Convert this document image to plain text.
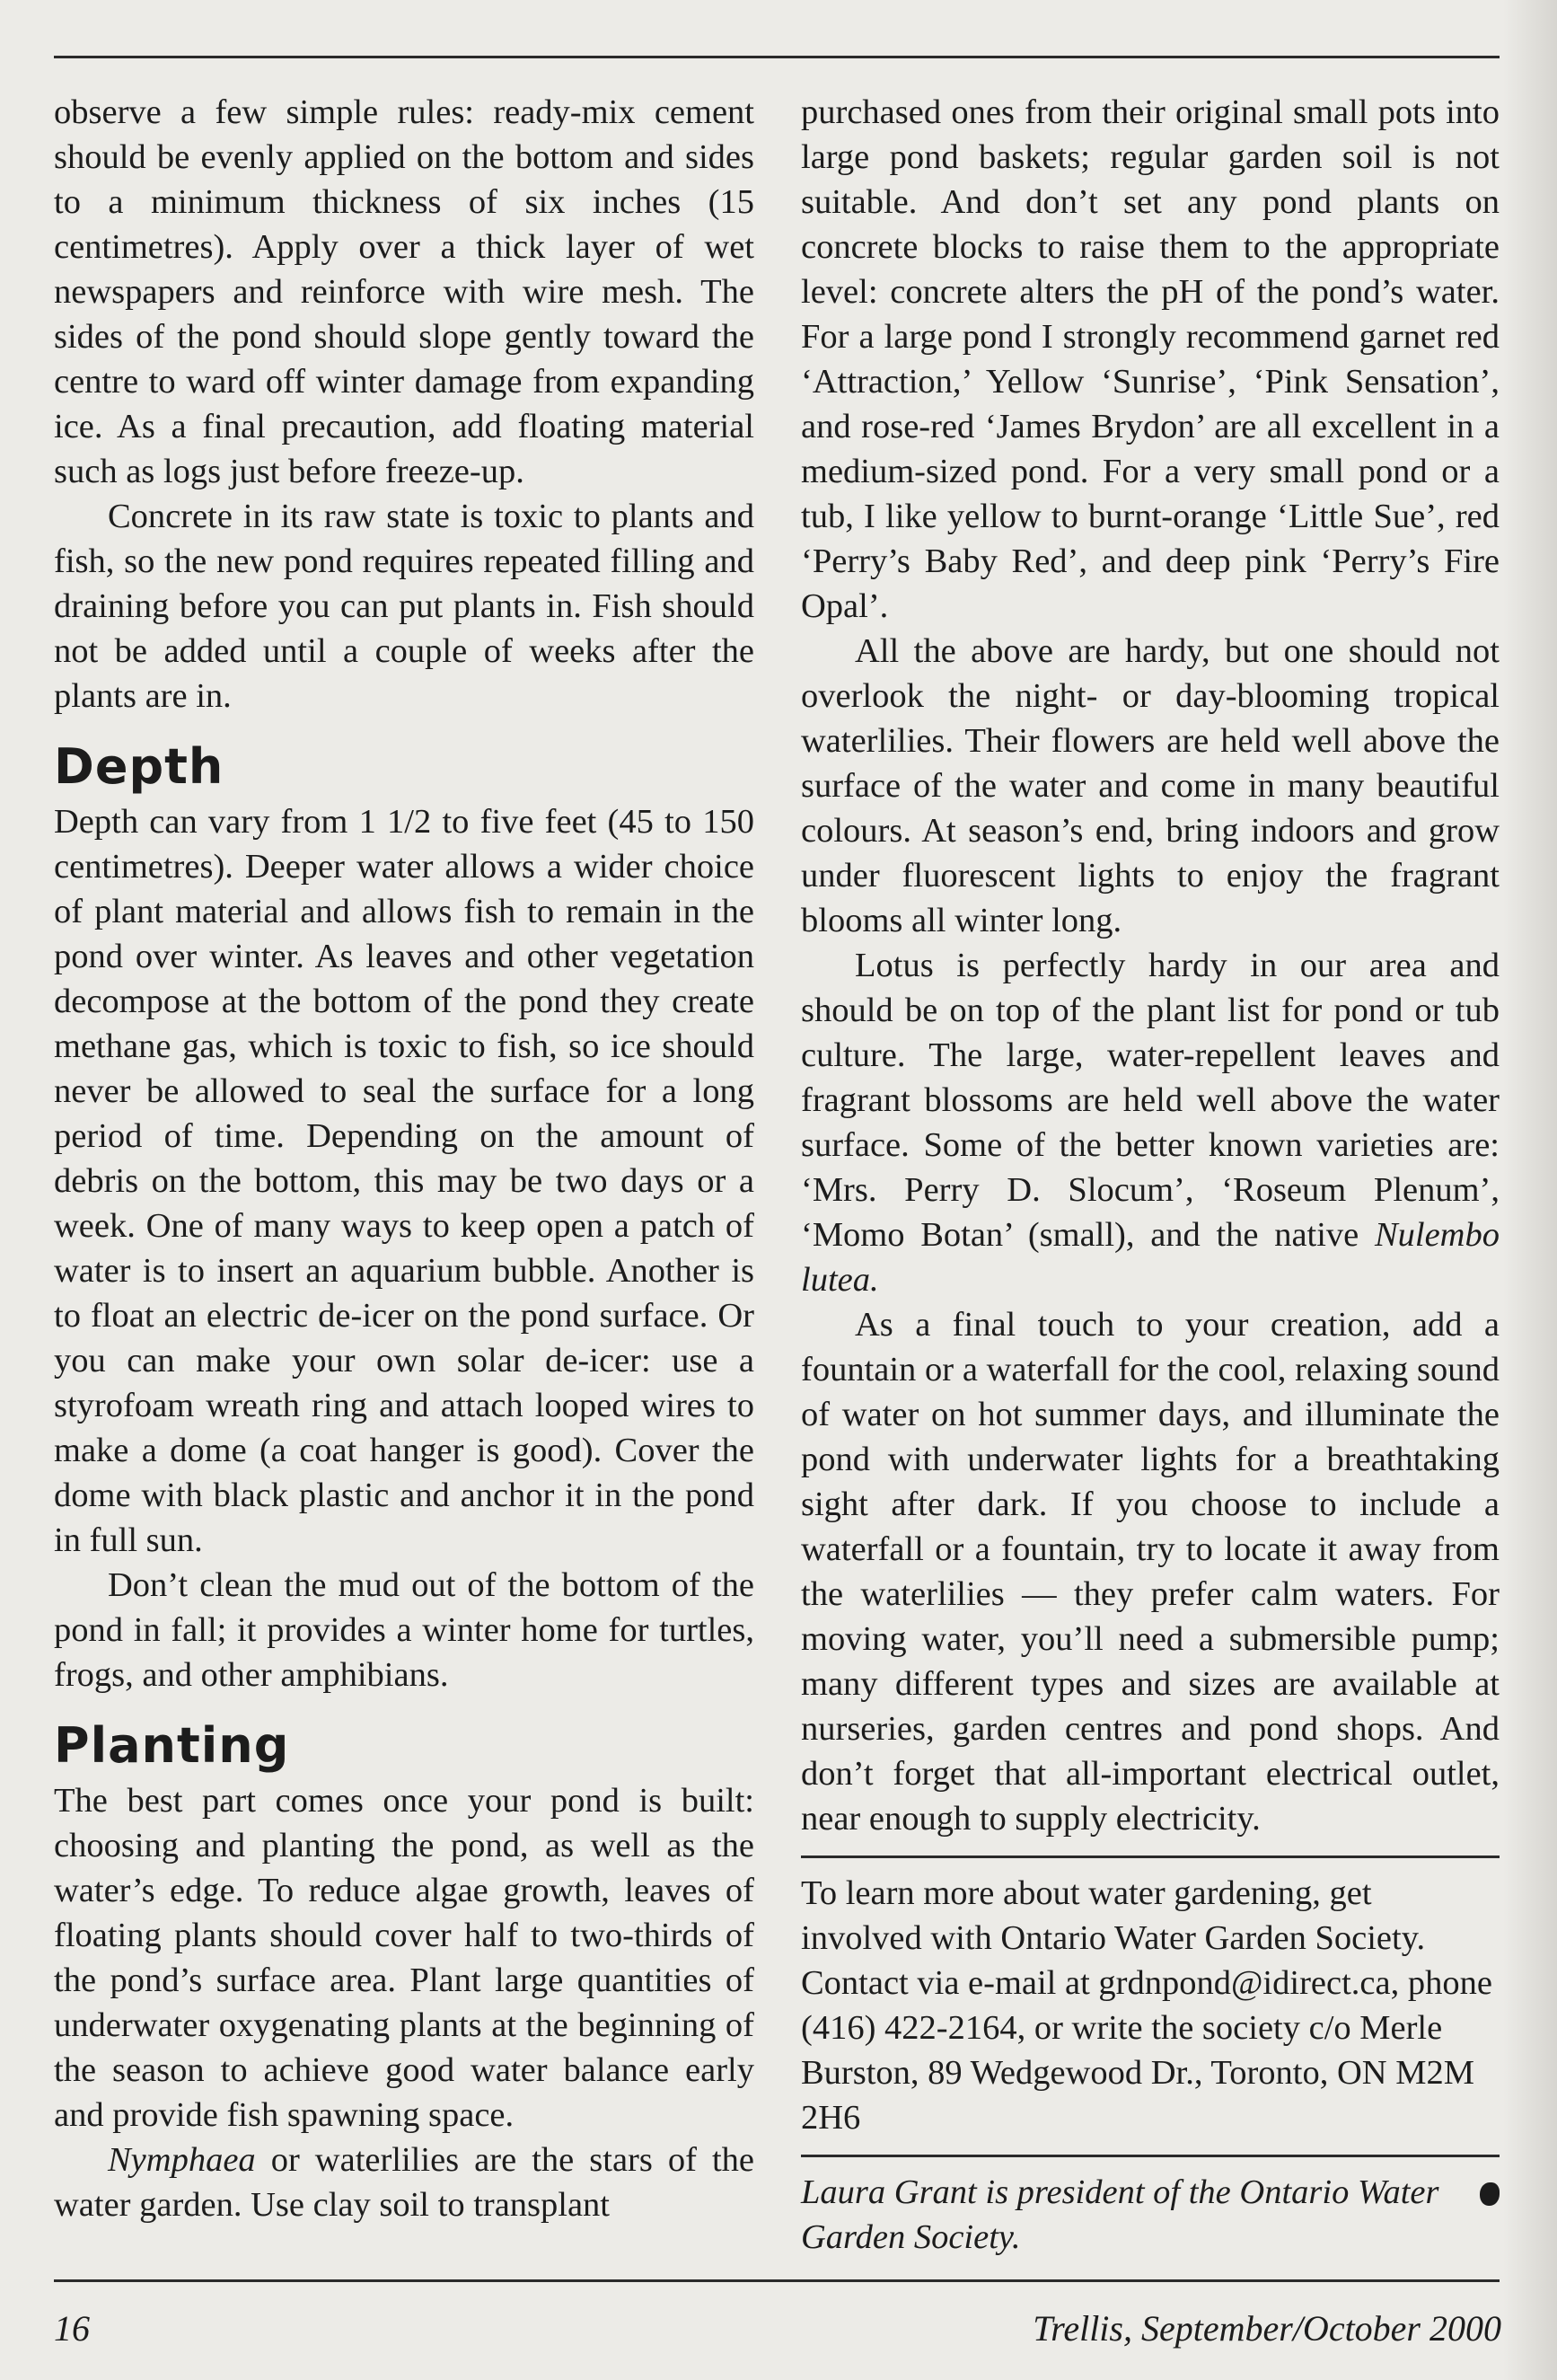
observe a few simple rules: ready-mix cement should be evenly applied on the bottom and sides to a minimum thickness of six inches (15 centimetres). Apply over a thick layer of wet newspapers and reinforce with wire mesh. The sides of the pond should slope gently toward the centre to ward off winter damage from expanding ice. As a final precaution, add floating material such as logs just before freeze-up.

Concrete in its raw state is toxic to plants and fish, so the new pond requires repeated filling and draining before you can put plants in. Fish should not be added until a couple of weeks after the plants are in.

Depth

Depth can vary from 1 1/2 to five feet (45 to 150 centimetres). Deeper water allows a wider choice of plant material and allows fish to remain in the pond over winter. As leaves and other vegetation decompose at the bottom of the pond they create methane gas, which is toxic to fish, so ice should never be allowed to seal the surface for a long period of time. Depending on the amount of debris on the bottom, this may be two days or a week. One of many ways to keep open a patch of water is to insert an aquarium bubble. Another is to float an electric de-icer on the pond surface. Or you can make your own solar de-icer: use a styrofoam wreath ring and attach looped wires to make a dome (a coat hanger is good). Cover the dome with black plastic and anchor it in the pond in full sun.

Don’t clean the mud out of the bottom of the pond in fall; it provides a winter home for turtles, frogs, and other amphibians.

Planting

The best part comes once your pond is built: choosing and planting the pond, as well as the water’s edge. To reduce algae growth, leaves of floating plants should cover half to two-thirds of the pond’s surface area. Plant large quantities of underwater oxygenating plants at the beginning of the season to achieve good water balance early and provide fish spawning space.

Nymphaea or waterlilies are the stars of the water garden. Use clay soil to transplant

purchased ones from their original small pots into large pond baskets; regular garden soil is not suitable. And don’t set any pond plants on concrete blocks to raise them to the appropriate level: concrete alters the pH of the pond’s water. For a large pond I strongly recommend garnet red ‘Attraction,’ Yellow ‘Sunrise’, ‘Pink Sensation’, and rose-red ‘James Brydon’ are all excellent in a medium-sized pond. For a very small pond or a tub, I like yellow to burnt-orange ‘Little Sue’, red ‘Perry’s Baby Red’, and deep pink ‘Perry’s Fire Opal’.

All the above are hardy, but one should not overlook the night- or day-blooming tropical waterlilies. Their flowers are held well above the surface of the water and come in many beautiful colours. At season’s end, bring indoors and grow under fluorescent lights to enjoy the fragrant blooms all winter long.

Lotus is perfectly hardy in our area and should be on top of the plant list for pond or tub culture. The large, water-repellent leaves and fragrant blossoms are held well above the water surface. Some of the better known varieties are: ‘Mrs. Perry D. Slocum’, ‘Roseum Plenum’, ‘Momo Botan’ (small), and the native Nulembo lutea.

As a final touch to your creation, add a fountain or a waterfall for the cool, relaxing sound of water on hot summer days, and illuminate the pond with underwater lights for a breathtaking sight after dark. If you choose to include a waterfall or a fountain, try to locate it away from the waterlilies — they prefer calm waters. For moving water, you’ll need a submersible pump; many different types and sizes are available at nurseries, garden centres and pond shops. And don’t forget that all-important electrical outlet, near enough to supply electricity.

To learn more about water gardening, get involved with Ontario Water Garden Society. Contact via e-mail at grdnpond@idirect.ca, phone (416) 422-2164, or write the society c/o Merle Burston, 89 Wedgewood Dr., Toronto, ON M2M 2H6

Laura Grant is president of the Ontario Water Garden Society.

16	Trellis, September/October 2000
